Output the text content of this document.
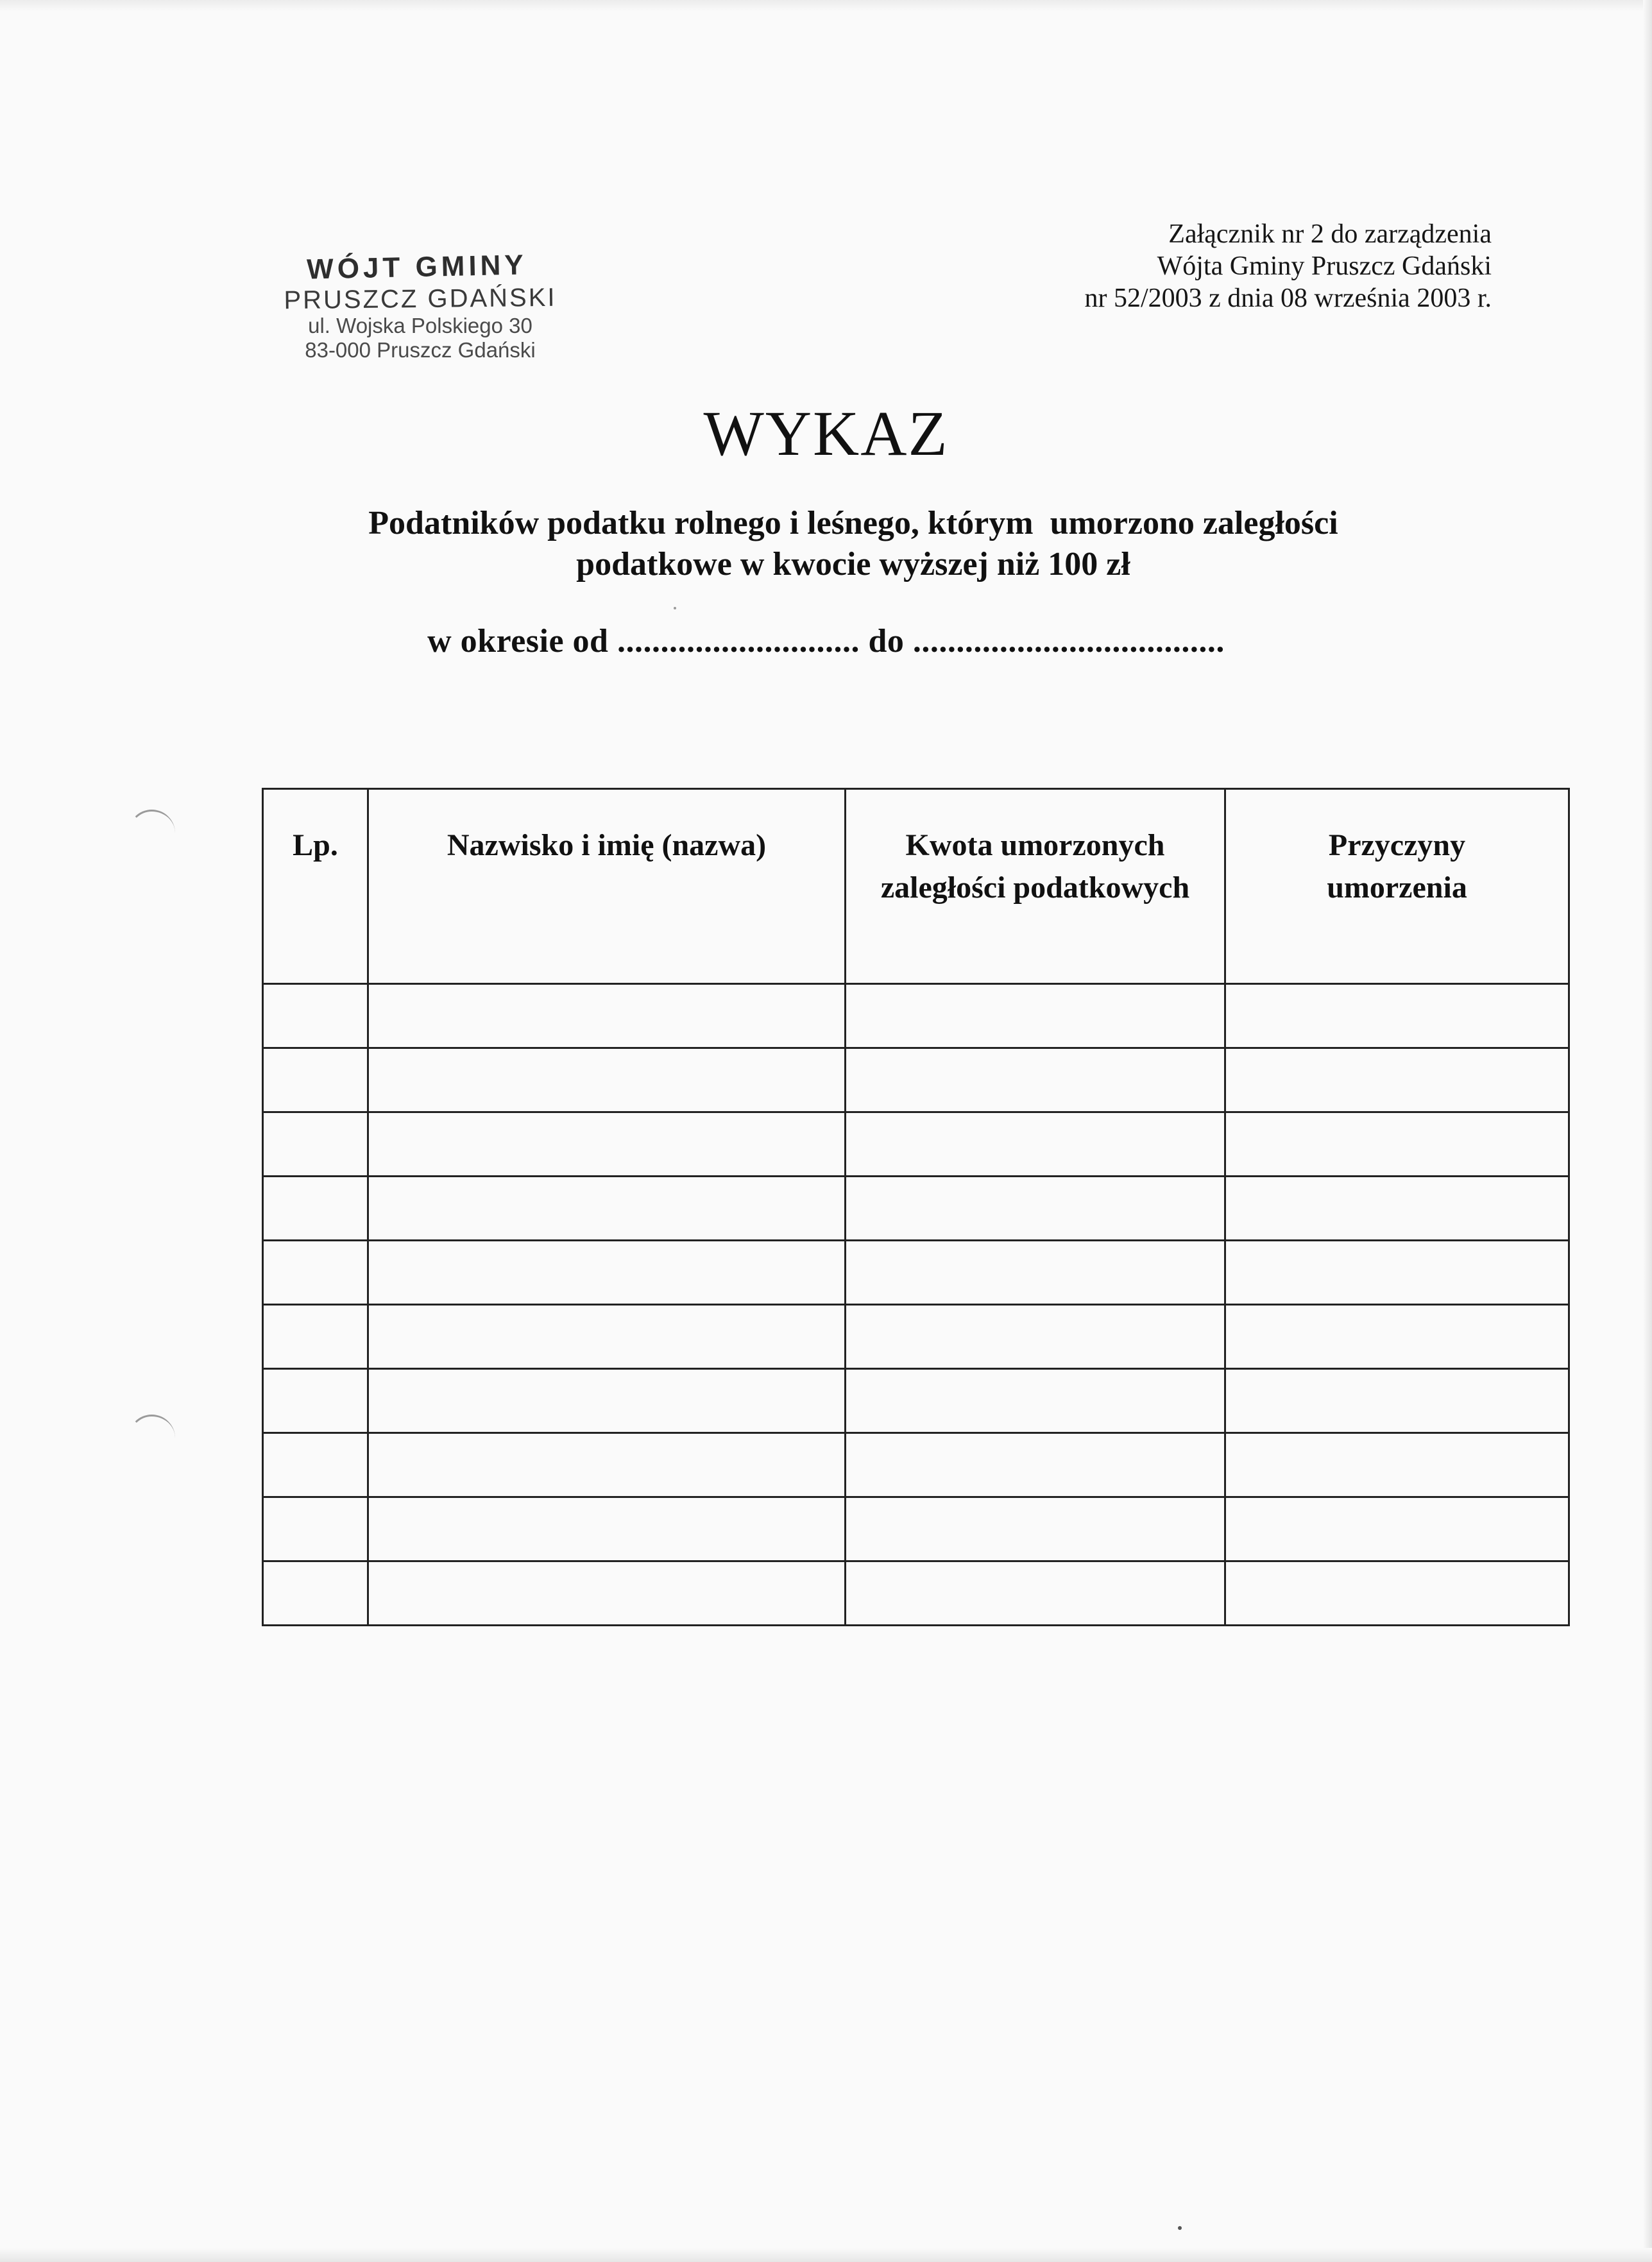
WÓJT GMINY
PRUSZCZ GDAŃSKI
ul. Wojska Polskiego 30
83-000 Pruszcz Gdański
Załącznik nr 2 do zarządzenia
Wójta Gminy Pruszcz Gdański
nr 52/2003 z dnia 08 września 2003 r.
WYKAZ
Podatników podatku rolnego i leśnego, którym  umorzono zaległości
podatkowe w kwocie wyższej niż 100 zł
w okresie od ............................ do ....................................
Lp.	Nazwisko i imię (nazwa)	Kwota umorzonych zaległości podatkowych	Przyczyny umorzenia
